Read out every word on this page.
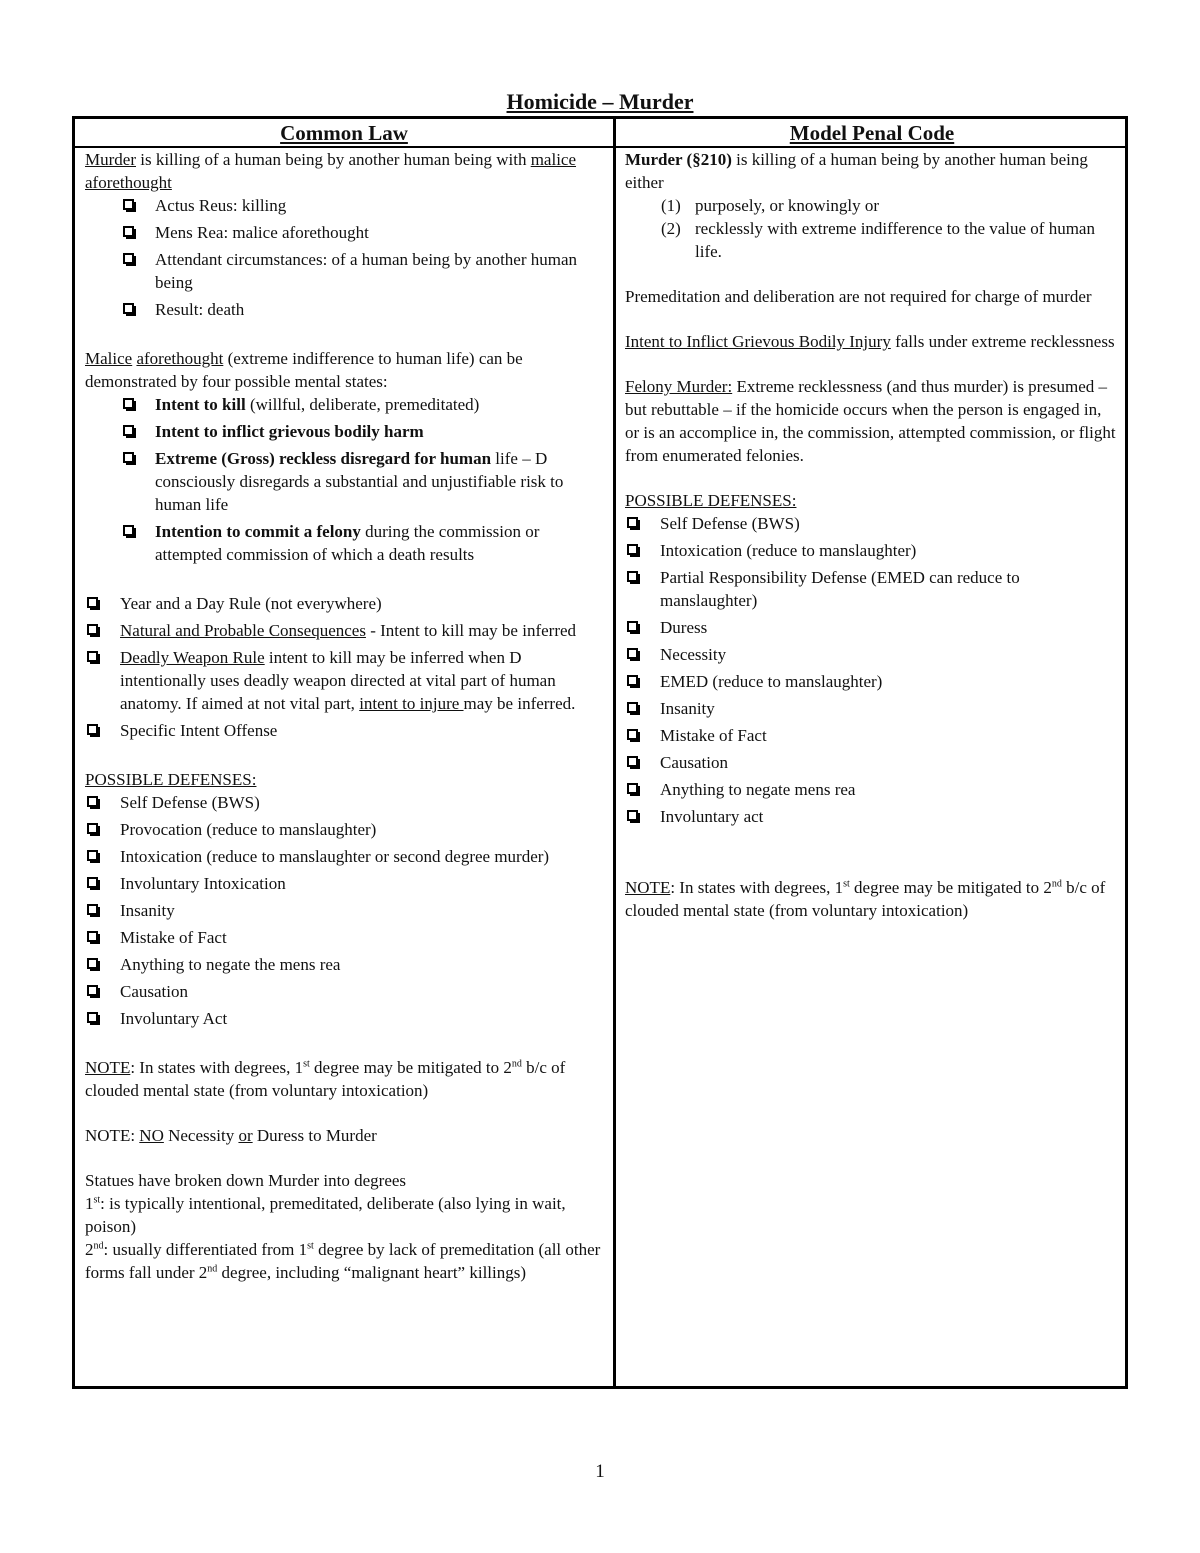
Homicide – Murder
Common Law	Model Penal Code

Murder is killing of a human being by another human being with malice aforethought

Actus Reus: killing
Mens Rea: malice aforethought
Attendant circumstances: of a human being by another human being
Result: death

Malice aforethought (extreme indifference to human life) can be demonstrated by four possible mental states:

Intent to kill (willful, deliberate, premeditated)
Intent to inflict grievous bodily harm
Extreme (Gross) reckless disregard for human life – D consciously disregards a substantial and unjustifiable risk to human life
Intention to commit a felony during the commission or attempted commission of which a death results
Year and a Day Rule (not everywhere)
Natural and Probable Consequences - Intent to kill may be inferred
Deadly Weapon Rule intent to kill may be inferred when D intentionally uses deadly weapon directed at vital part of human anatomy. If aimed at not vital part, intent to injure may be inferred.
Specific Intent Offense

POSSIBLE DEFENSES:

Self Defense (BWS)
Provocation (reduce to manslaughter)
Intoxication (reduce to manslaughter or second degree murder)
Involuntary Intoxication
Insanity
Mistake of Fact
Anything to negate the mens rea
Causation
Involuntary Act

NOTE: In states with degrees, 1st degree may be mitigated to 2nd b/c of clouded mental state (from voluntary intoxication)

NOTE: NO Necessity or Duress to Murder

Statues have broken down Murder into degrees

1st: is typically intentional, premeditated, deliberate (also lying in wait, poison)

2nd: usually differentiated from 1st degree by lack of premeditation (all other forms fall under 2nd degree, including “malignant heart” killings)

Murder (§210) is killing of a human being by another human being either

(1) purposely, or knowingly or
(2) recklessly with extreme indifference to the value of human life.

Premeditation and deliberation are not required for charge of murder

Intent to Inflict Grievous Bodily Injury falls under extreme recklessness

Felony Murder: Extreme recklessness (and thus murder) is presumed – but rebuttable – if the homicide occurs when the person is engaged in, or is an accomplice in, the commission, attempted commission, or flight from enumerated felonies.

POSSIBLE DEFENSES:

Self Defense (BWS)
Intoxication (reduce to manslaughter)
Partial Responsibility Defense (EMED can reduce to manslaughter)
Duress
Necessity
EMED (reduce to manslaughter)
Insanity
Mistake of Fact
Causation
Anything to negate mens rea
Involuntary act

NOTE: In states with degrees, 1st degree may be mitigated to 2nd b/c of clouded mental state (from voluntary intoxication)

1
